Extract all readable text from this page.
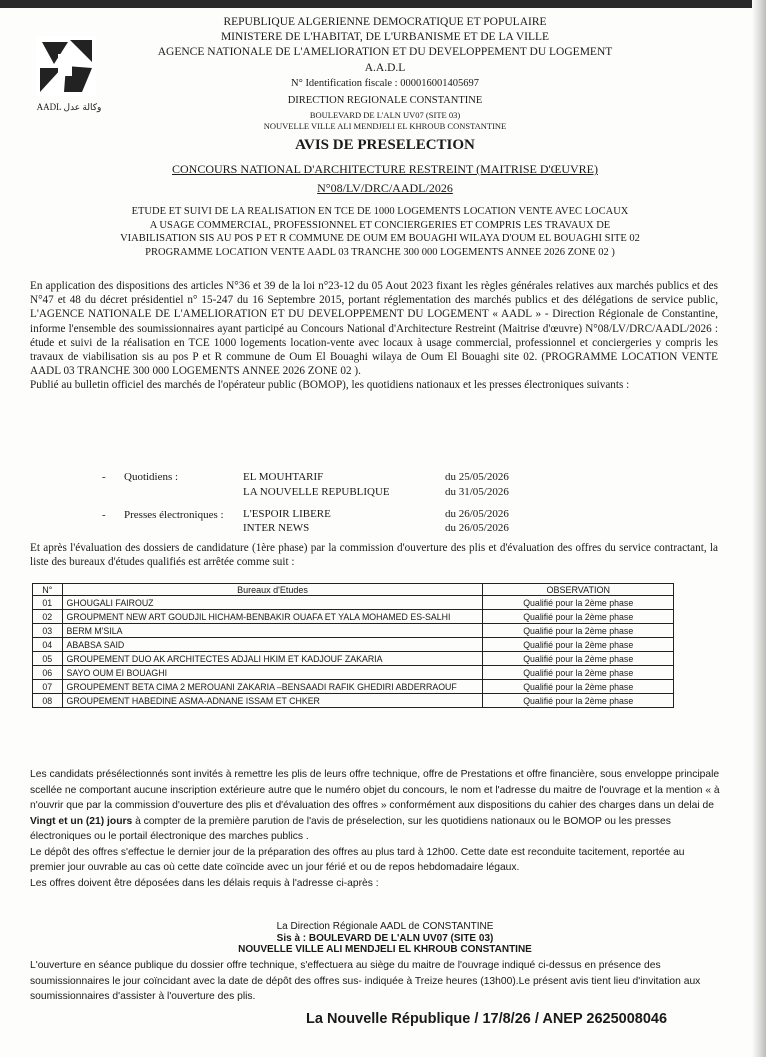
AADL وكالة عدل
REPUBLIQUE ALGERIENNE DEMOCRATIQUE ET POPULAIRE
MINISTERE DE L'HABITAT, DE L'URBANISME ET DE LA VILLE
AGENCE NATIONALE DE L'AMELIORATION ET DU DEVELOPPEMENT DU LOGEMENT
A.A.D.L
N° Identification fiscale : 000016001405697
DIRECTION REGIONALE CONSTANTINE
BOULEVARD DE L'ALN UV07 (SITE 03)
NOUVELLE VILLE ALI MENDJELI EL KHROUB CONSTANTINE
AVIS DE PRESELECTION
CONCOURS NATIONAL D'ARCHITECTURE RESTREINT (MAITRISE D'ŒUVRE)
N°08/LV/DRC/AADL/2026
ETUDE ET SUIVI DE LA REALISATION EN TCE DE 1000 LOGEMENTS LOCATION VENTE AVEC LOCAUX
A USAGE COMMERCIAL, PROFESSIONNEL ET CONCIERGERIES ET COMPRIS LES TRAVAUX DE
VIABILISATION SIS AU POS P ET R COMMUNE DE OUM EM BOUAGHI WILAYA D'OUM EL BOUAGHI SITE 02
PROGRAMME LOCATION VENTE AADL 03 TRANCHE 300 000 LOGEMENTS ANNEE 2026 ZONE 02 )

En application des dispositions des articles N°36 et 39 de la loi n°23-12 du 05 Aout 2023 fixant les règles générales relatives aux marchés publics et des N°47 et 48 du décret présidentiel n° 15-247 du 16 Septembre 2015, portant réglementation des marchés publics et des délégations de service public, L'AGENCE NATIONALE DE L'AMELIORATION ET DU DEVELOPPEMENT DU LOGEMENT « AADL » - Direction Régionale de Constantine, informe l'ensemble des soumissionnaires ayant participé au Concours National d'Architecture Restreint (Maitrise d'œuvre) N°08/LV/DRC/AADL/2026 : étude et suivi de la réalisation en TCE 1000 logements location-vente avec locaux à usage commercial, professionnel et conciergeries y compris les travaux de viabilisation sis au pos P et R commune de Oum El Bouaghi wilaya de Oum El Bouaghi site 02. (PROGRAMME LOCATION VENTE AADL 03 TRANCHE 300 000 LOGEMENTS ANNEE 2026 ZONE 02 ).

Publié au bulletin officiel des marchés de l'opérateur public (BOMOP), les quotidiens nationaux et les presses électroniques suivants :

- Quotidiens :	EL MOUHTARIF	du 25/05/2026
LA NOUVELLE REPUBLIQUE	du 31/05/2026
- Presses électroniques : L'ESPOIR LIBERE	du 26/05/2026
INTER NEWS	du 26/05/2026
Et après l'évaluation des dossiers de candidature (1ère phase) par la commission d'ouverture des plis et d'évaluation des offres du service contractant, la liste des bureaux d'études qualifiés est arrêtée comme suit :
N°	Bureaux d'Etudes	OBSERVATION
01	GHOUGALI FAIROUZ	Qualifié pour la 2ème phase
02	GROUPMENT NEW ART GOUDJIL HICHAM-BENBAKIR OUAFA ET YALA MOHAMED ES-SALHI	Qualifié pour la 2ème phase
03	BERM M'SILA	Qualifié pour la 2ème phase
04	ABABSA SAID	Qualifié pour la 2ème phase
05	GROUPEMENT DUO AK ARCHITECTES ADJALI HKIM ET KADJOUF ZAKARIA	Qualifié pour la 2ème phase
06	SAYO OUM EI BOUAGHI	Qualifié pour la 2ème phase
07	GROUPEMENT BETA CIMA 2 MEROUANI ZAKARIA –BENSAADI RAFIK GHEDIRI ABDERRAOUF	Qualifié pour la 2ème phase
08	GROUPEMENT HABEDINE ASMA-ADNANE ISSAM ET CHKER	Qualifié pour la 2ème phase
Les candidats présélectionnés sont invités à remettre les plis de leurs offre technique, offre de Prestations et offre financière, sous enveloppe principale scellée ne comportant aucune inscription extérieure autre que le numéro objet du concours, le nom et l'adresse du maitre de l'ouvrage et la mention « à n'ouvrir que par la commission d'ouverture des plis et d'évaluation des offres » conformément aux dispositions du cahier des charges dans un delai de Vingt et un (21) jours à compter de la première parution de l'avis de préselection, sur les quotidiens nationaux ou le BOMOP ou les presses électroniques ou le portail électronique des marches publics .
Le dépôt des offres s'effectue le dernier jour de la préparation des offres au plus tard à 12h00. Cette date est reconduite tacitement, reportée au premier jour ouvrable au cas où cette date coïncide avec un jour férié et ou de repos hebdomadaire légaux.
Les offres doivent être déposées dans les délais requis à l'adresse ci-après :
La Direction Régionale AADL de CONSTANTINE
Sis à : BOULEVARD DE L'ALN UV07 (SITE 03)
NOUVELLE VILLE ALI MENDJELI EL KHROUB CONSTANTINE
L'ouverture en séance publique du dossier offre technique, s'effectuera au siège du maitre de l'ouvrage indiqué ci-dessus en présence des soumissionnaires le jour coïncidant avec la date de dépôt des offres sus- indiquée à Treize heures (13h00).Le présent avis tient lieu d'invitation aux soumissionnaires d'assister à l'ouverture des plis.
La Nouvelle République / 17/8/26 / ANEP 2625008046
